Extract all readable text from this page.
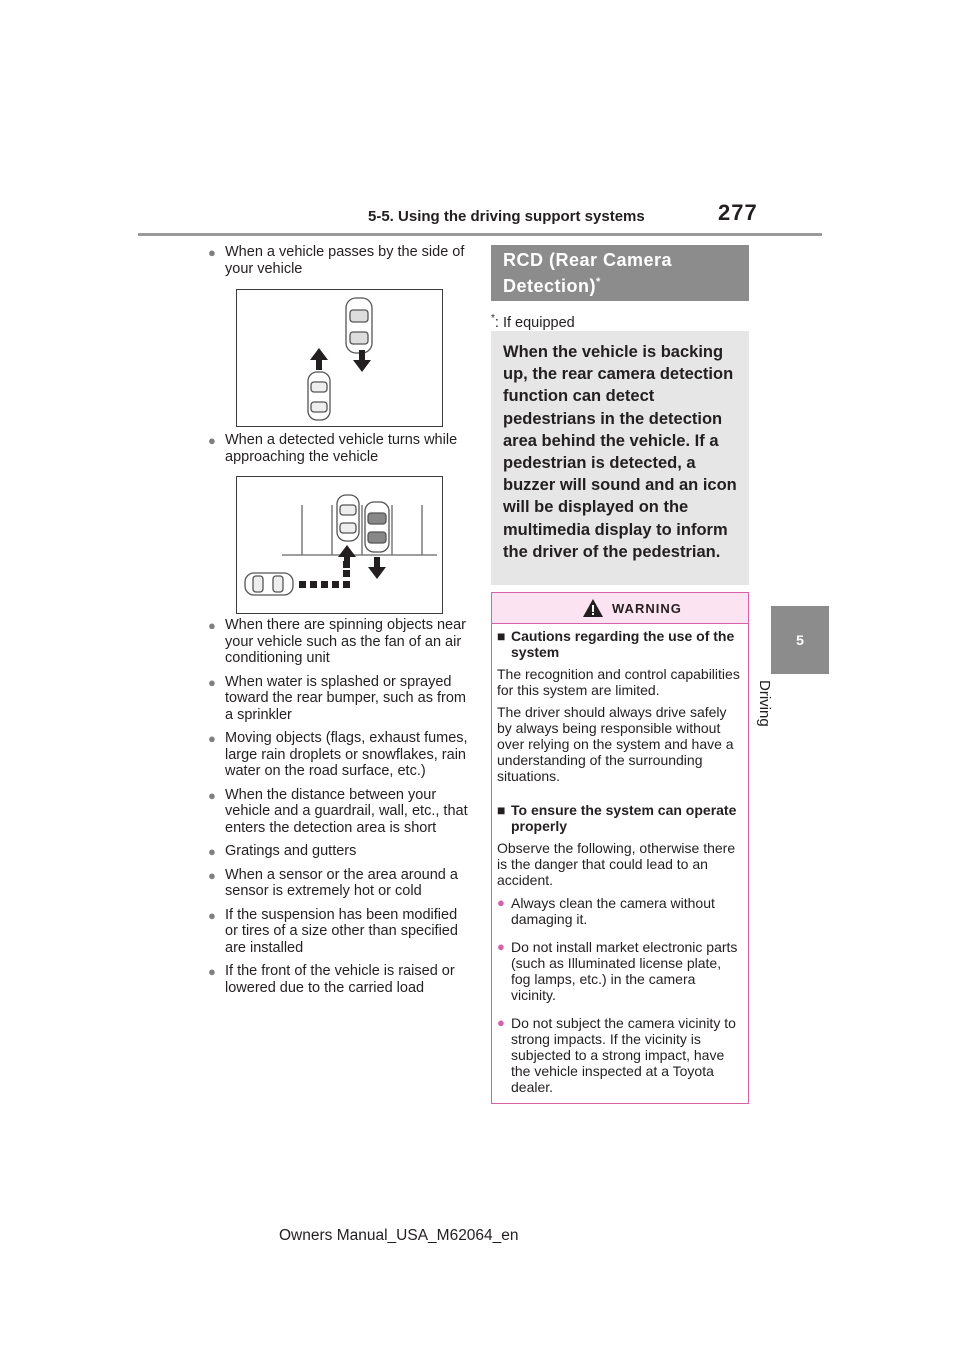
5-5. Using the driving support systems	277
5
Driving
● When a vehicle passes by the side of your vehicle
● When a detected vehicle turns while approaching the vehicle
● When there are spinning objects near your vehicle such as the fan of an air conditioning unit
● When water is splashed or sprayed toward the rear bumper, such as from a sprinkler
● Moving objects (flags, exhaust fumes, large rain droplets or snowflakes, rain water on the road surface, etc.)
● When the distance between your vehicle and a guardrail, wall, etc., that enters the detection area is short
● Gratings and gutters
● When a sensor or the area around a sensor is extremely hot or cold
● If the suspension has been modified or tires of a size other than specified are installed
● If the front of the vehicle is raised or lowered due to the carried load
RCD (Rear Camera
Detection)*
*: If equipped
When the vehicle is backing up, the rear camera detection function can detect pedestrians in the detection area behind the vehicle. If a pedestrian is detected, a buzzer will sound and an icon will be displayed on the multimedia display to inform the driver of the pedestrian.
WARNING

■ Cautions regarding the use of the system

The recognition and control capabilities for this system are limited.

The driver should always drive safely by always being responsible without over relying on the system and have a understanding of the surrounding situations.

■ To ensure the system can operate properly

Observe the following, otherwise there is the danger that could lead to an accident.

● Always clean the camera without damaging it.
● Do not install market electronic parts (such as Illuminated license plate, fog lamps, etc.) in the camera vicinity.
● Do not subject the camera vicinity to strong impacts. If the vicinity is subjected to a strong impact, have the vehicle inspected at a Toyota dealer.
Owners Manual_USA_M62064_en
